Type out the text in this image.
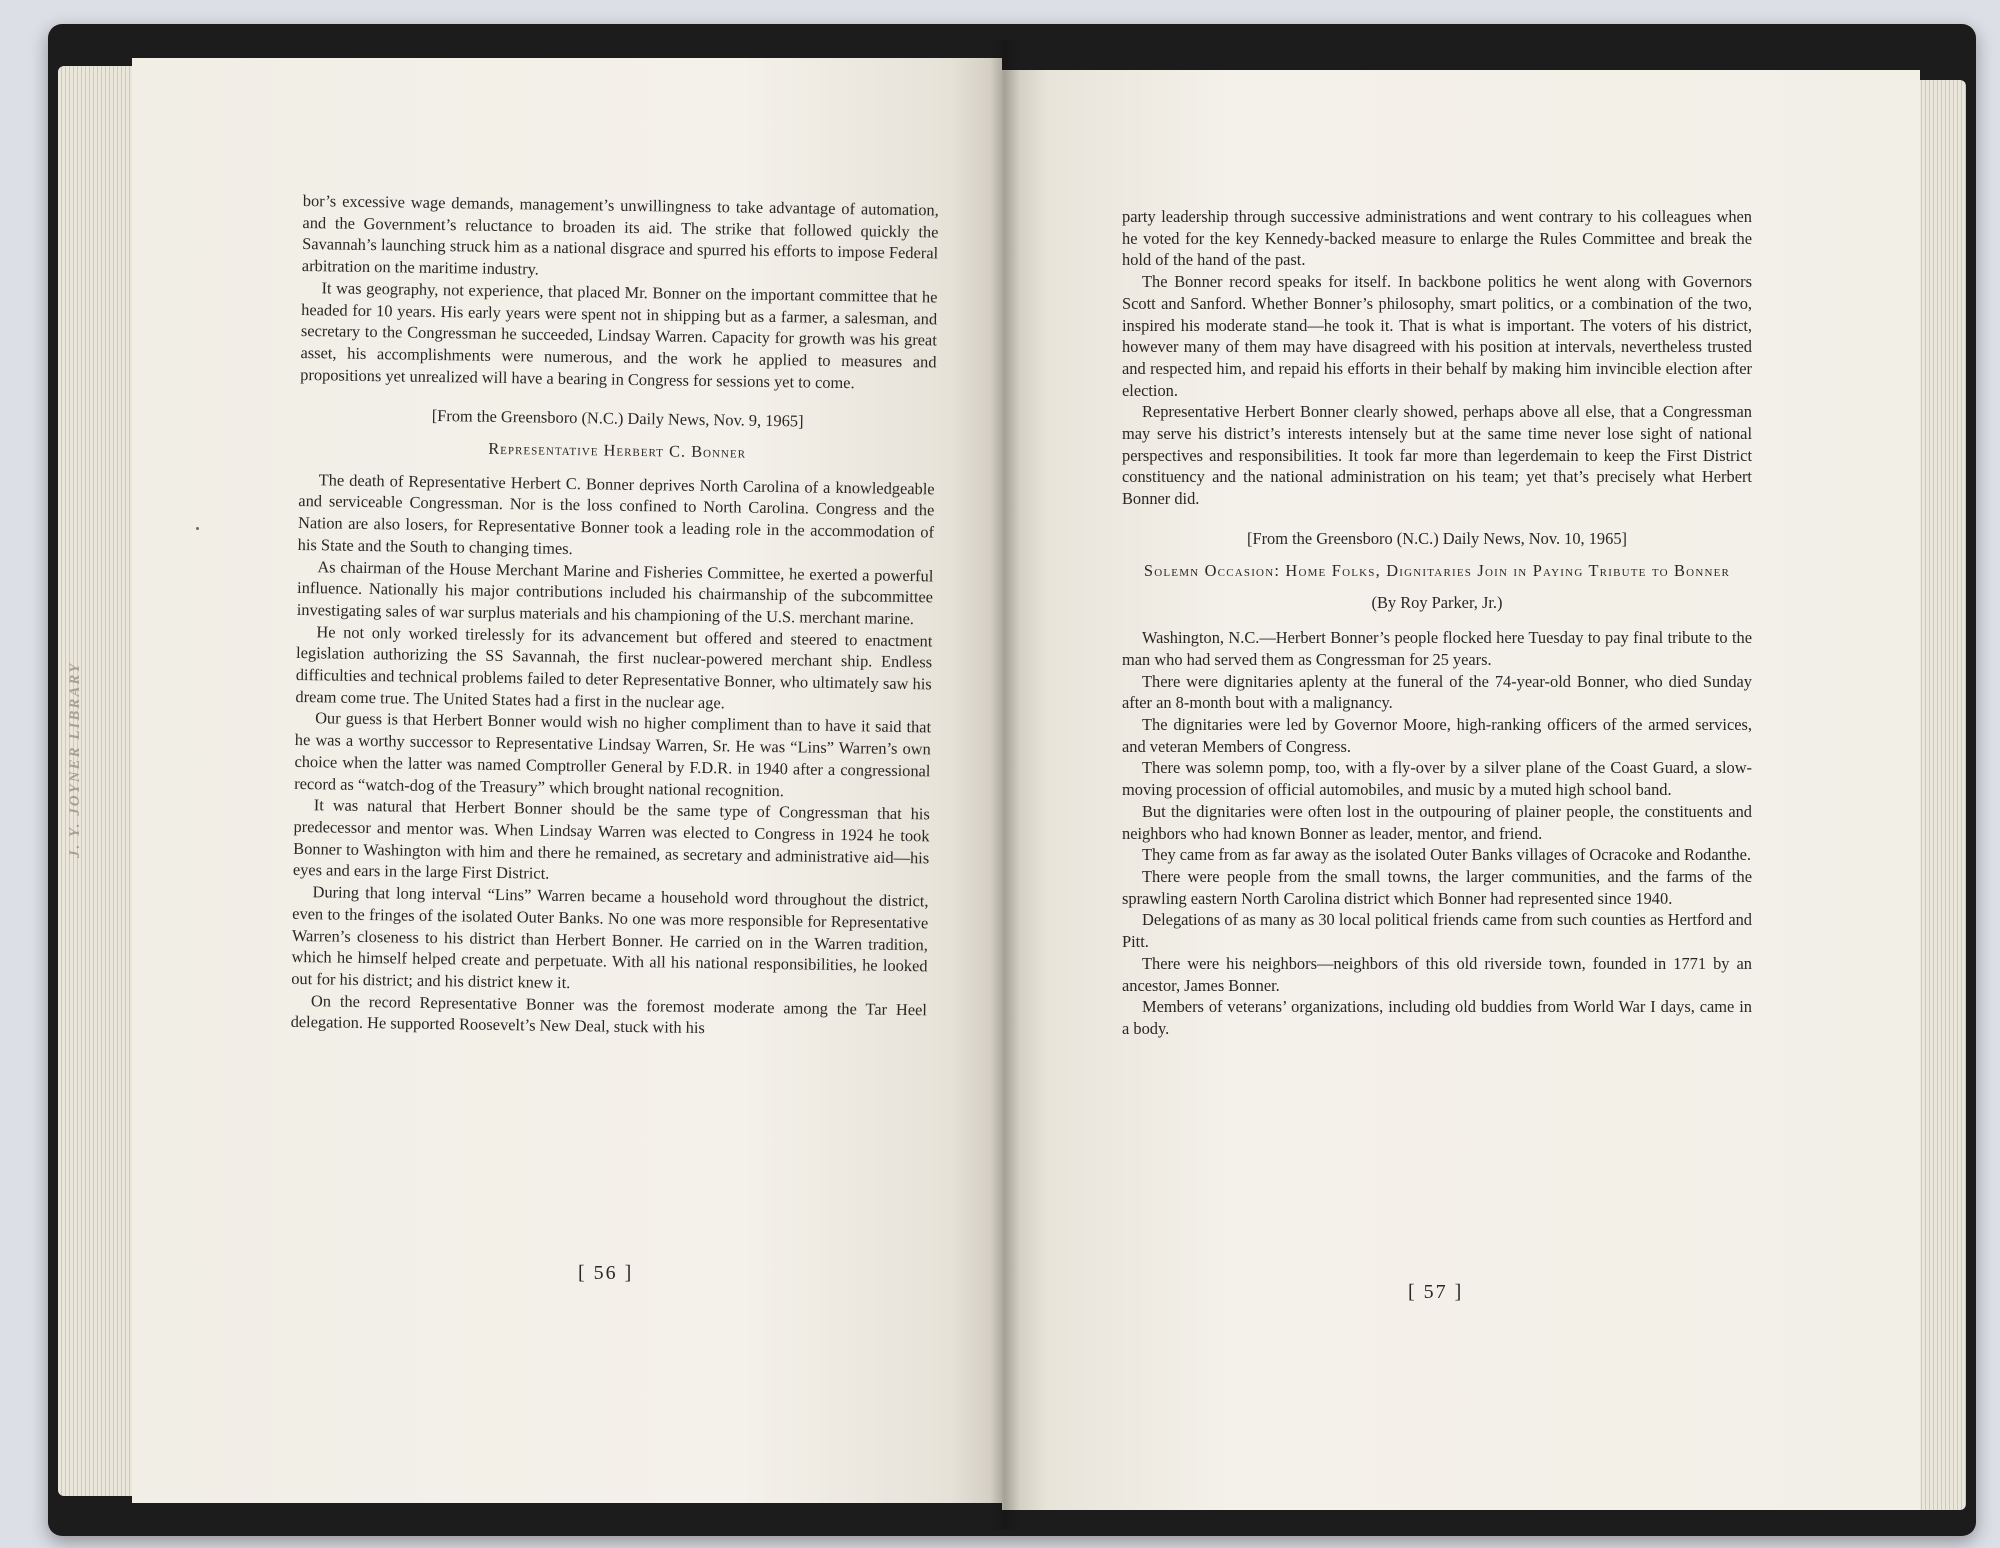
J. Y. JOYNER LIBRARY

bor’s excessive wage demands, management’s unwillingness to take advantage of automation, and the Government’s reluctance to broaden its aid. The strike that followed quickly the Savannah’s launching struck him as a national disgrace and spurred his efforts to impose Federal arbitration on the maritime industry.

It was geography, not experience, that placed Mr. Bonner on the important committee that he headed for 10 years. His early years were spent not in shipping but as a farmer, a salesman, and secretary to the Congressman he succeeded, Lindsay Warren. Capacity for growth was his great asset, his accomplishments were numerous, and the work he applied to measures and propositions yet unrealized will have a bearing in Congress for sessions yet to come.

[From the Greensboro (N.C.) Daily News, Nov. 9, 1965]

Representative Herbert C. Bonner

The death of Representative Herbert C. Bonner deprives North Carolina of a knowledgeable and serviceable Congressman. Nor is the loss confined to North Carolina. Congress and the Nation are also losers, for Representative Bonner took a leading role in the accommodation of his State and the South to changing times.

As chairman of the House Merchant Marine and Fisheries Committee, he exerted a powerful influence. Nationally his major contributions included his chairmanship of the subcommittee investigating sales of war surplus materials and his championing of the U.S. merchant marine.

He not only worked tirelessly for its advancement but offered and steered to enactment legislation authorizing the SS Savannah, the first nuclear-powered merchant ship. Endless difficulties and technical problems failed to deter Representative Bonner, who ultimately saw his dream come true. The United States had a first in the nuclear age.

Our guess is that Herbert Bonner would wish no higher compliment than to have it said that he was a worthy successor to Representative Lindsay Warren, Sr. He was “Lins” Warren’s own choice when the latter was named Comptroller General by F.D.R. in 1940 after a congressional record as “watch-dog of the Treasury” which brought national recognition.

It was natural that Herbert Bonner should be the same type of Congressman that his predecessor and mentor was. When Lindsay Warren was elected to Congress in 1924 he took Bonner to Washington with him and there he remained, as secretary and administrative aid—his eyes and ears in the large First District.

During that long interval “Lins” Warren became a household word throughout the district, even to the fringes of the isolated Outer Banks. No one was more responsible for Representative Warren’s closeness to his district than Herbert Bonner. He carried on in the Warren tradition, which he himself helped create and perpetuate. With all his national responsibilities, he looked out for his district; and his district knew it.

On the record Representative Bonner was the foremost moderate among the Tar Heel delegation. He supported Roosevelt’s New Deal, stuck with his

[ 56 ]

party leadership through successive administrations and went contrary to his colleagues when he voted for the key Kennedy-backed measure to enlarge the Rules Committee and break the hold of the hand of the past.

The Bonner record speaks for itself. In backbone politics he went along with Governors Scott and Sanford. Whether Bonner’s philosophy, smart politics, or a combination of the two, inspired his moderate stand—he took it. That is what is important. The voters of his district, however many of them may have disagreed with his position at intervals, nevertheless trusted and respected him, and repaid his efforts in their behalf by making him invincible election after election.

Representative Herbert Bonner clearly showed, perhaps above all else, that a Congressman may serve his district’s interests intensely but at the same time never lose sight of national perspectives and responsibilities. It took far more than legerdemain to keep the First District constituency and the national administration on his team; yet that’s precisely what Herbert Bonner did.

[From the Greensboro (N.C.) Daily News, Nov. 10, 1965]

Solemn Occasion: Home Folks, Dignitaries Join in Paying Tribute to Bonner

(By Roy Parker, Jr.)

Washington, N.C.—Herbert Bonner’s people flocked here Tuesday to pay final tribute to the man who had served them as Congressman for 25 years.

There were dignitaries aplenty at the funeral of the 74-year-old Bonner, who died Sunday after an 8-month bout with a malignancy.

The dignitaries were led by Governor Moore, high-ranking officers of the armed services, and veteran Members of Congress.

There was solemn pomp, too, with a fly-over by a silver plane of the Coast Guard, a slow-moving procession of official automobiles, and music by a muted high school band.

But the dignitaries were often lost in the outpouring of plainer people, the constituents and neighbors who had known Bonner as leader, mentor, and friend.

They came from as far away as the isolated Outer Banks villages of Ocracoke and Rodanthe.

There were people from the small towns, the larger communities, and the farms of the sprawling eastern North Carolina district which Bonner had represented since 1940.

Delegations of as many as 30 local political friends came from such counties as Hertford and Pitt.

There were his neighbors—neighbors of this old riverside town, founded in 1771 by an ancestor, James Bonner.

Members of veterans’ organizations, including old buddies from World War I days, came in a body.

[ 57 ]
